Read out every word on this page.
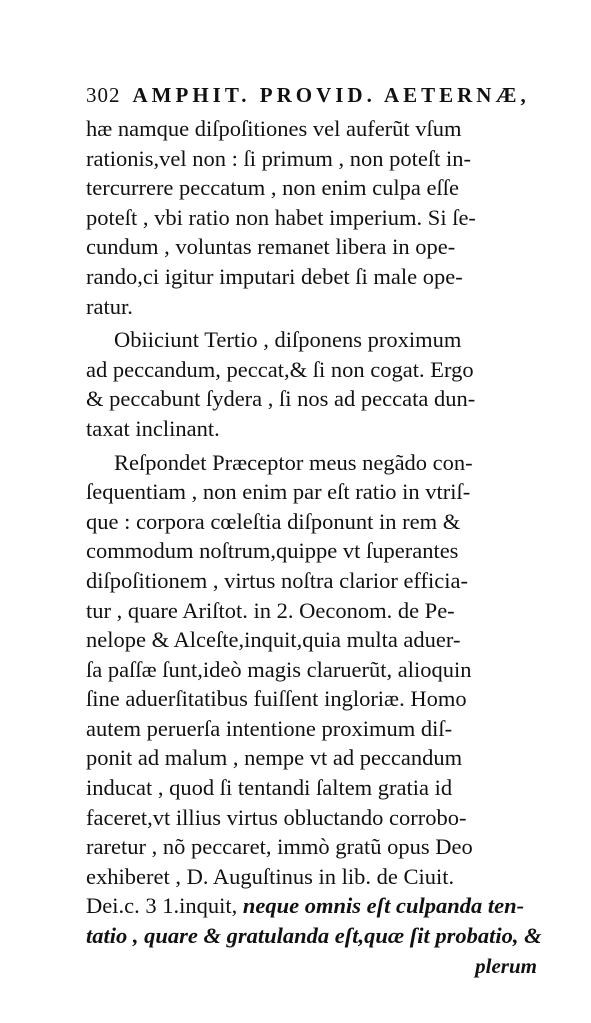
302 AMPHIT. PROVID. AETERNÆ,
hæ namque diſpoſitiones vel auferũt vſum
rationis,vel non : ſi primum , non poteſt in-
tercurrere peccatum , non enim culpa eſſe
poteſt , vbi ratio non habet imperium. Si ſe-
cundum , voluntas remanet libera in ope-
rando,ci igitur imputari debet ſi male ope-
ratur.
Obiiciunt Tertio , diſponens proximum
ad peccandum, peccat,& ſi non cogat. Ergo
& peccabunt ſydera , ſi nos ad peccata dun-
taxat inclinant.
Reſpondet Præceptor meus negãdo con-
ſequentiam , non enim par eſt ratio in vtriſ-
que : corpora cœleſtia diſponunt in rem &
commodum noſtrum,quippe vt ſuperantes
diſpoſitionem , virtus noſtra clarior efficia-
tur , quare Ariſtot. in 2. Oeconom. de Pe-
nelope & Alceſte,inquit,quia multa aduer-
ſa paſſæ ſunt,ideò magis claruerũt, alioquin
ſine aduerſitatibus fuiſſent ingloriæ. Homo
autem peruerſa intentione proximum diſ-
ponit ad malum , nempe vt ad peccandum
inducat , quod ſi tentandi ſaltem gratia id
faceret,vt illius virtus obluctando corrobo-
raretur , nõ peccaret, immò gratũ opus Deo
exhiberet , D. Auguſtinus in lib. de Ciuit.
Dei.c. 3 1.inquit, neque omnis eſt culpanda ten-
tatio , quare & gratulanda eſt,quæ ſit probatio, &
plerum
